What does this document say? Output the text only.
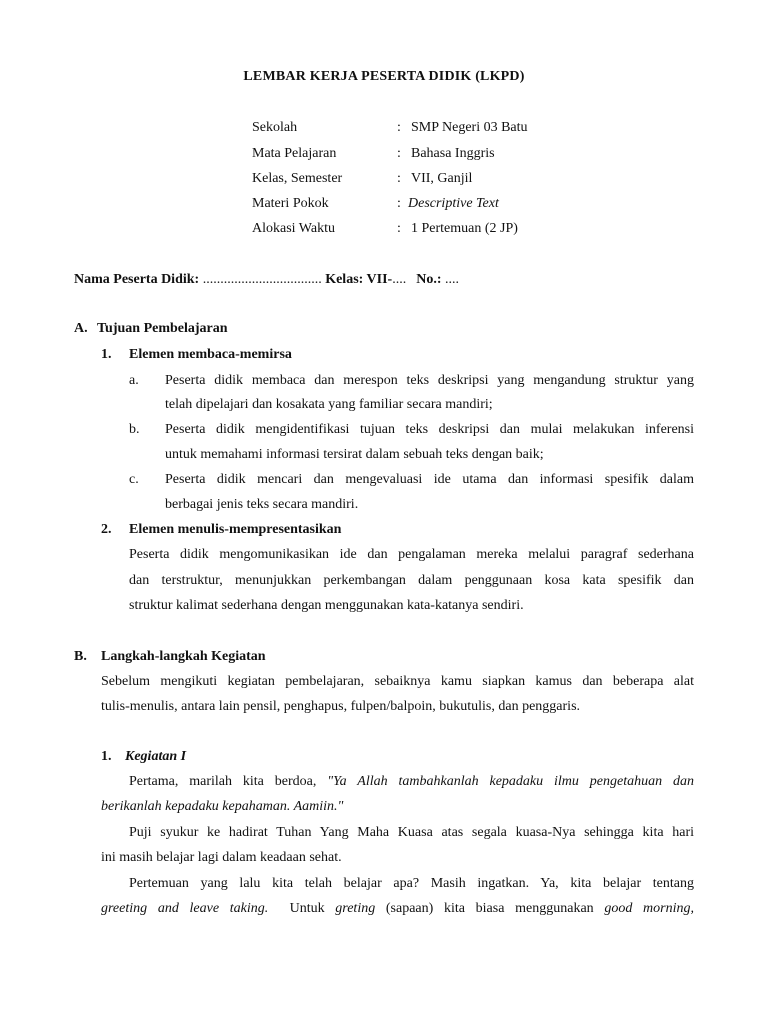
LEMBAR KERJA PESERTA DIDIK (LKPD)
Sekolah	: SMP Negeri 03 Batu
Mata Pelajaran	: Bahasa Inggris
Kelas, Semester	: VII, Ganjil
Materi Pokok	: Descriptive Text
Alokasi Waktu	: 1 Pertemuan (2 JP)
Nama Peserta Didik: .................................. Kelas: VII-.... No.: ....
A. Tujuan Pembelajaran
1. Elemen membaca-memirsa
a. Peserta didik membaca dan merespon teks deskripsi yang mengandung struktur yang
telah dipelajari dan kosakata yang familiar secara mandiri;
b. Peserta didik mengidentifikasi tujuan teks deskripsi dan mulai melakukan inferensi
untuk memahami informasi tersirat dalam sebuah teks dengan baik;
c. Peserta didik mencari dan mengevaluasi ide utama dan informasi spesifik dalam
berbagai jenis teks secara mandiri.
2. Elemen menulis-mempresentasikan
Peserta didik mengomunikasikan ide dan pengalaman mereka melalui paragraf sederhana
dan terstruktur, menunjukkan perkembangan dalam penggunaan kosa kata spesifik dan
struktur kalimat sederhana dengan menggunakan kata-katanya sendiri.
B. Langkah-langkah Kegiatan
Sebelum mengikuti kegiatan pembelajaran, sebaiknya kamu siapkan kamus dan beberapa alat
tulis-menulis, antara lain pensil, penghapus, fulpen/balpoin, bukutulis, dan penggaris.
1. Kegiatan I
Pertama, marilah kita berdoa, "Ya Allah tambahkanlah kepadaku ilmu pengetahuan dan
berikanlah kepadaku kepahaman. Aamiin."
Puji syukur ke hadirat Tuhan Yang Maha Kuasa atas segala kuasa-Nya sehingga kita hari
ini masih belajar lagi dalam keadaan sehat.
Pertemuan yang lalu kita telah belajar apa? Masih ingatkan. Ya, kita belajar tentang
greeting and leave taking.  Untuk greting (sapaan) kita biasa menggunakan good morning,
